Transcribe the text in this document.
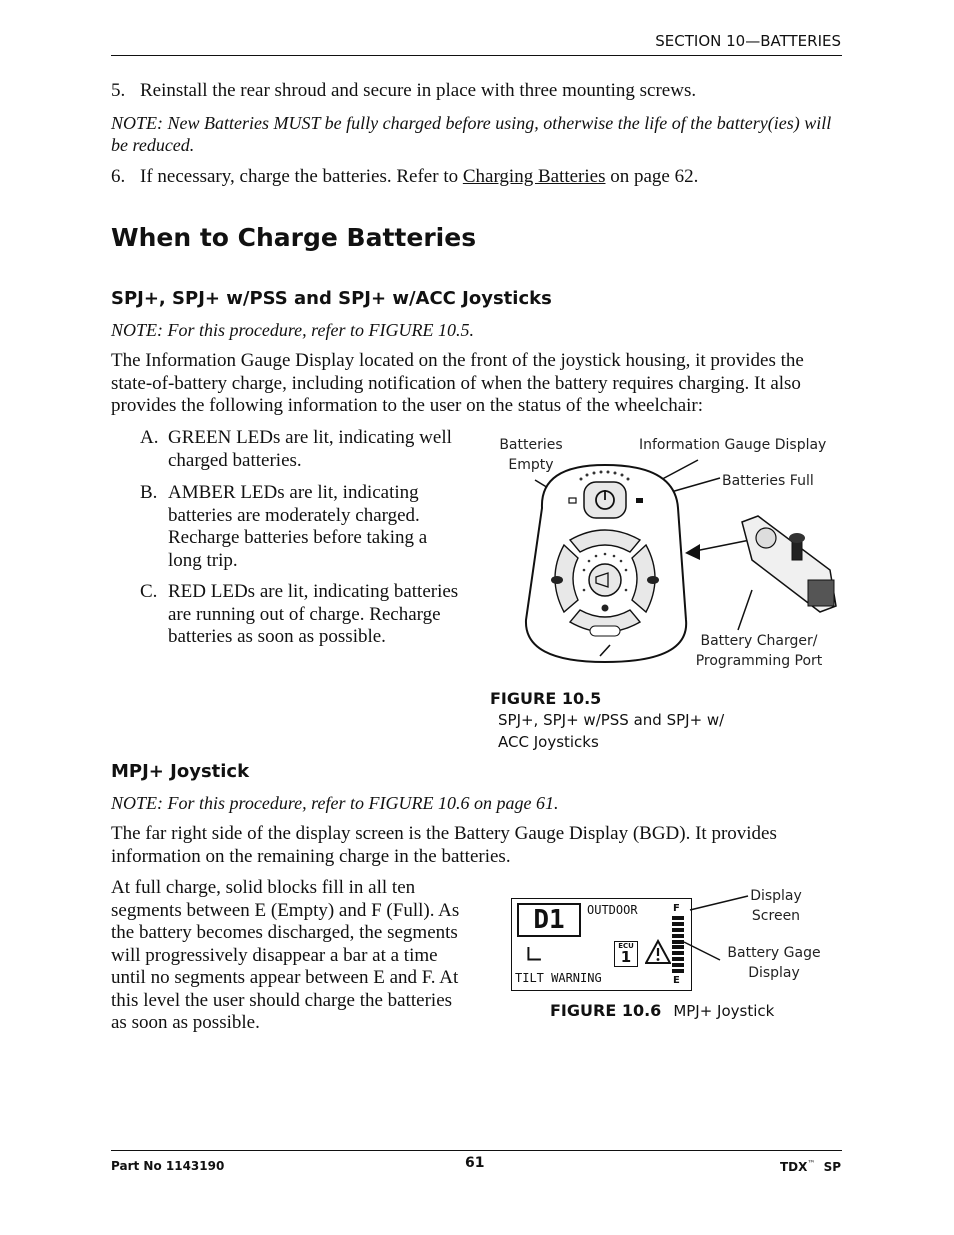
SECTION 10—BATTERIES
5. Reinstall the rear shroud and secure in place with three mounting screws.
NOTE: New Batteries MUST be fully charged before using, otherwise the life of the battery(ies) will be reduced.
6. If necessary, charge the batteries. Refer to Charging Batteries on page 62.
When to Charge Batteries
SPJ+, SPJ+ w/PSS and SPJ+ w/ACC Joysticks
NOTE: For this procedure, refer to FIGURE 10.5.
The Information Gauge Display located on the front of the joystick housing, it provides the state-of-battery charge, including notification of when the battery requires charging. It also provides the following information to the user on the status of the wheelchair:
A. GREEN LEDs are lit, indicating well charged batteries.
B. AMBER LEDs are lit, indicating batteries are moderately charged. Recharge batteries before taking a long trip.
C. RED LEDs are lit, indicating batteries are running out of charge. Recharge batteries as soon as possible.
Batteries Empty
Information Gauge Display
Batteries Full
Battery Charger/ Programming Port
FIGURE 10.5 SPJ+, SPJ+ w/PSS and SPJ+ w/ ACC Joysticks
MPJ+ Joystick
NOTE: For this procedure, refer to FIGURE 10.6 on page 61.
The far right side of the display screen is the Battery Gauge Display (BGD). It provides information on the remaining charge in the batteries.
At full charge, solid blocks fill in all ten segments between E (Empty) and F (Full). As the battery becomes discharged, the segments will progressively disappear a bar at a time until no segments appear between E and F. At this level the user should charge the batteries as soon as possible.
D1	OUTDOOR
∟	ECU
1
TILT WARNING
F
E
Display Screen
Battery Gage Display
FIGURE 10.6 MPJ+ Joystick
Part No 1143190	61	TDX™ SP
